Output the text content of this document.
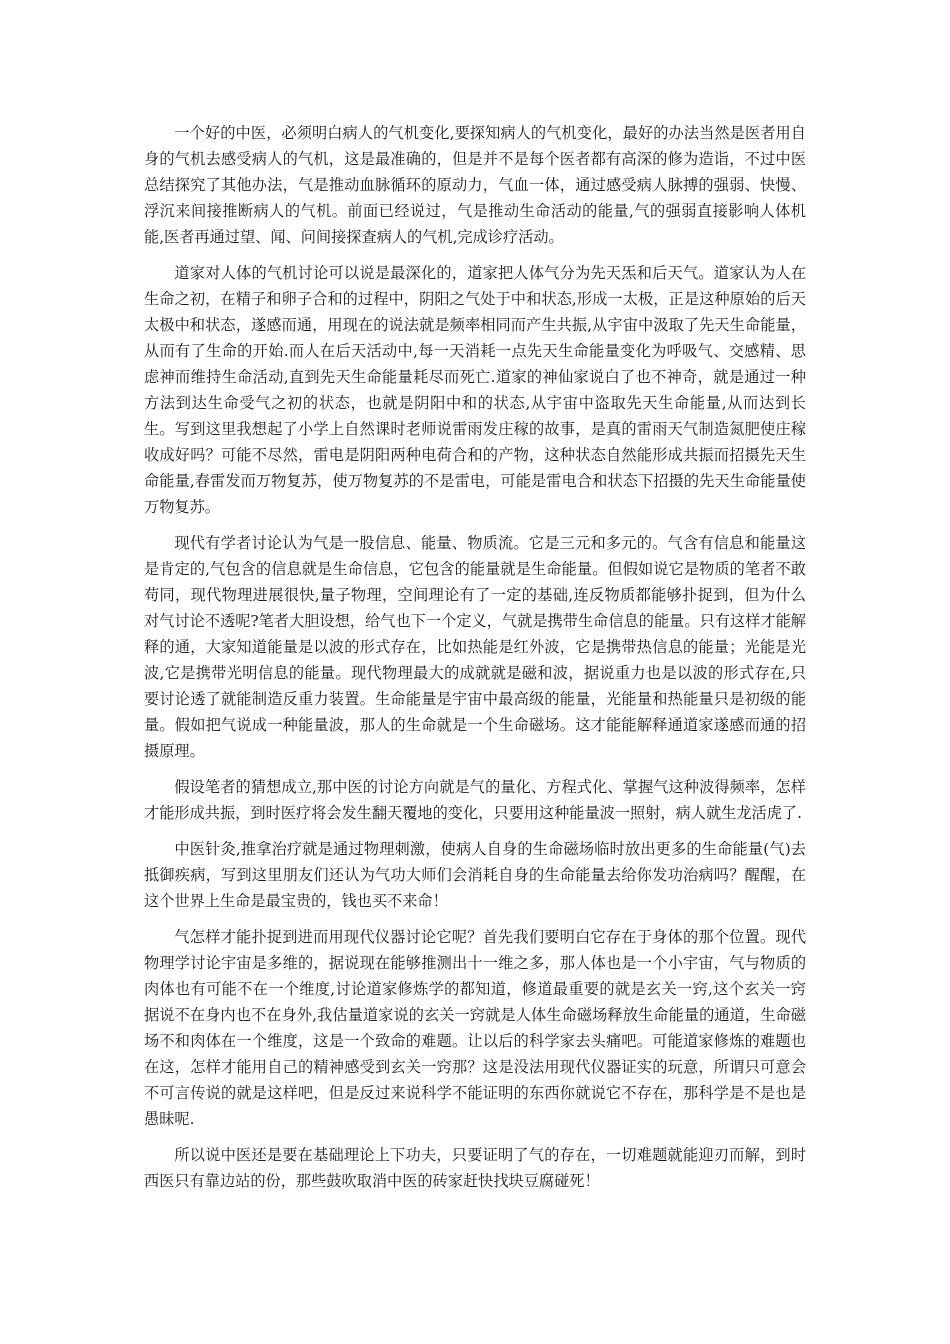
一个好的中医，必须明白病人的气机变化,要探知病人的气机变化，最好的办法当然是医者用自身的气机去感受病人的气机，这是最准确的，但是并不是每个医者都有高深的修为造诣，不过中医总结探究了其他办法，气是推动血脉循环的原动力，气血一体，通过感受病人脉搏的强弱、快慢、浮沉来间接推断病人的气机。前面已经说过，气是推动生命活动的能量,气的强弱直接影响人体机能,医者再通过望、闻、问间接探查病人的气机,完成诊疗活动。

道家对人体的气机讨论可以说是最深化的，道家把人体气分为先天炁和后天气。道家认为人在生命之初，在精子和卵子合和的过程中，阴阳之气处于中和状态,形成一太极，正是这种原始的后天太极中和状态，遂感而通，用现在的说法就是频率相同而产生共振,从宇宙中汲取了先天生命能量，从而有了生命的开始.而人在后天活动中,每一天消耗一点先天生命能量变化为呼吸气、交感精、思虑神而维持生命活动,直到先天生命能量耗尽而死亡.道家的神仙家说白了也不神奇，就是通过一种方法到达生命受气之初的状态，也就是阴阳中和的状态,从宇宙中盗取先天生命能量,从而达到长生。写到这里我想起了小学上自然课时老师说雷雨发庄稼的故事，是真的雷雨天气制造氮肥使庄稼收成好吗？可能不尽然，雷电是阴阳两种电荷合和的产物，这种状态自然能形成共振而招摄先天生命能量,春雷发而万物复苏，使万物复苏的不是雷电，可能是雷电合和状态下招摄的先天生命能量使万物复苏。

现代有学者讨论认为气是一股信息、能量、物质流。它是三元和多元的。气含有信息和能量这是肯定的,气包含的信息就是生命信息，它包含的能量就是生命能量。但假如说它是物质的笔者不敢苟同，现代物理进展很快,量子物理，空间理论有了一定的基础,连反物质都能够扑捉到，但为什么对气讨论不透呢?笔者大胆设想，给气也下一个定义，气就是携带生命信息的能量。只有这样才能解释的通，大家知道能量是以波的形式存在，比如热能是红外波，它是携带热信息的能量；光能是光波,它是携带光明信息的能量。现代物理最大的成就就是磁和波，据说重力也是以波的形式存在,只要讨论透了就能制造反重力装置。生命能量是宇宙中最高级的能量，光能量和热能量只是初级的能量。假如把气说成一种能量波，那人的生命就是一个生命磁场。这才能能解释通道家遂感而通的招摄原理。

假设笔者的猜想成立,那中医的讨论方向就是气的量化、方程式化、掌握气这种波得频率，怎样才能形成共振，到时医疗将会发生翻天覆地的变化，只要用这种能量波一照射，病人就生龙活虎了.

中医针灸,推拿治疗就是通过物理刺激，使病人自身的生命磁场临时放出更多的生命能量(气)去抵御疾病，写到这里朋友们还认为气功大师们会消耗自身的生命能量去给你发功治病吗？醒醒，在这个世界上生命是最宝贵的，钱也买不来命！

气怎样才能扑捉到进而用现代仪器讨论它呢？首先我们要明白它存在于身体的那个位置。现代物理学讨论宇宙是多维的，据说现在能够推测出十一维之多，那人体也是一个小宇宙，气与物质的肉体也有可能不在一个维度,讨论道家修炼学的都知道，修道最重要的就是玄关一窍,这个玄关一窍据说不在身内也不在身外,我估量道家说的玄关一窍就是人体生命磁场释放生命能量的通道，生命磁场不和肉体在一个维度，这是一个致命的难题。让以后的科学家去头痛吧。可能道家修炼的难题也在这，怎样才能用自己的精神感受到玄关一窍那？这是没法用现代仪器证实的玩意，所谓只可意会不可言传说的就是这样吧，但是反过来说科学不能证明的东西你就说它不存在，那科学是不是也是愚昧呢.

所以说中医还是要在基础理论上下功夫，只要证明了气的存在，一切难题就能迎刃而解，到时西医只有靠边站的份，那些鼓吹取消中医的砖家赶快找块豆腐碰死！
